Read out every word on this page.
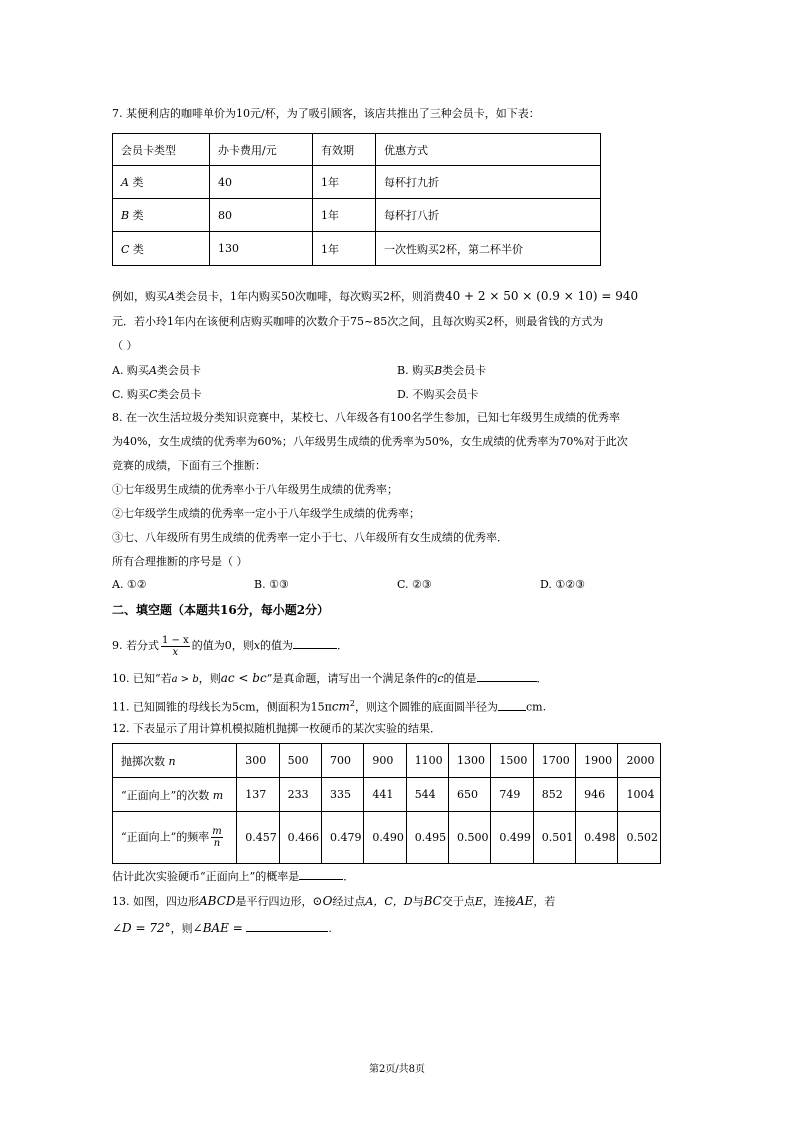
7. 某便利店的咖啡单价为10元/杯，为了吸引顾客，该店共推出了三种会员卡，如下表：
会员卡类型	办卡费用/元	有效期	优惠方式
A 类	40	1年	每杯打九折
B 类	80	1年	每杯打八折
C 类	130	1年	一次性购买2杯，第二杯半价
例如，购买A类会员卡，1年内购买50次咖啡，每次购买2杯，则消费40 + 2 × 50 × (0.9 × 10) = 940
元．若小玲1年内在该便利店购买咖啡的次数介于75~85次之间，且每次购买2杯，则最省钱的方式为
（ ）
A. 购买A类会员卡	B. 购买B类会员卡
C. 购买C类会员卡	D. 不购买会员卡
8. 在一次生活垃圾分类知识竞赛中，某校七、八年级各有100名学生参加，已知七年级男生成绩的优秀率
为40%，女生成绩的优秀率为60%；八年级男生成绩的优秀率为50%，女生成绩的优秀率为70%对于此次
竞赛的成绩，下面有三个推断：
①七年级男生成绩的优秀率小于八年级男生成绩的优秀率；
②七年级学生成绩的优秀率一定小于八年级学生成绩的优秀率；
③七、八年级所有男生成绩的优秀率一定小于七、八年级所有女生成绩的优秀率．
所有合理推断的序号是（ ）
A. ①②	B. ①③	C. ②③	D. ①②③
二、填空题（本题共16分，每小题2分）
9. 若分式 $\frac{1 - x}{x}$ 的值为0，则x的值为	．
10. 已知“若a > b，则ac < bc”是真命题，请写出一个满足条件的c的值是	．
11. 已知圆锥的母线长为5cm，侧面积为15πcm$^2$，则这个圆锥的底面圆半径为	cm.
12. 下表显示了用计算机模拟随机抛掷一枚硬币的某次实验的结果．
抛掷次数 n	300	500	700	900	1100	1300	1500	1700	1900	2000
“正面向上”的次数 m	137	233	335	441	544	650	749	852	946	1004
“正面向上”的频率 $\frac{m}{n}$	0.457	0.466	0.479	0.490	0.495	0.500	0.499	0.501	0.498	0.502
估计此次实验硬币“正面向上”的概率是	．
13. 如图，四边形ABCD是平行四边形，⊙O经过点A，C，D与BC交于点E，连接AE，若
∠D = 72°，则∠BAE =	.
第2页/共8页
